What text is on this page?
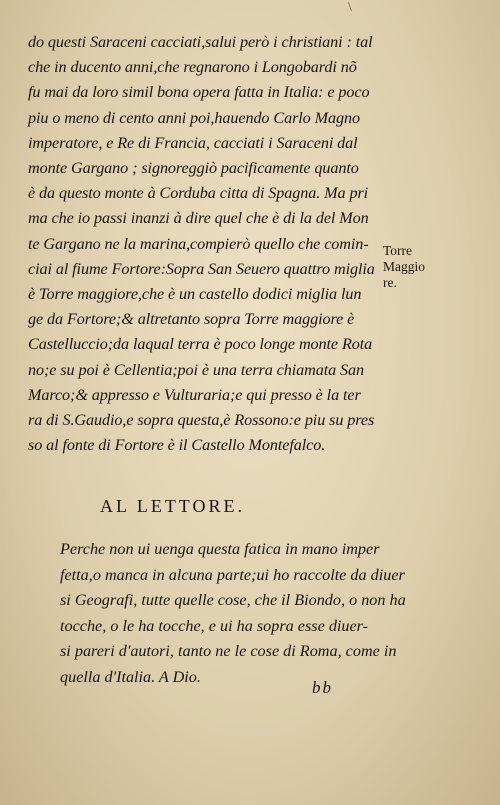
\
do questi Saraceni cacciati,salui però i christiani : tal
che in ducento anni,che regnarono i Longobardi nõ
fu mai da loro simil bona opera fatta in Italia: e poco
piu o meno di cento anni poi,hauendo Carlo Magno
imperatore, e Re di Francia, cacciati i Saraceni dal
monte Gargano ; signoreggiò pacificamente quanto
è da questo monte à Corduba citta di Spagna. Ma pri
ma che io passi inanzi à dire quel che è di la del Mon
te Gargano ne la marina,compierò quello che comin-
ciai al fiume Fortore:Sopra San Seuero quattro miglia
è Torre maggiore,che è un castello dodici miglia lun
ge da Fortore;& altretanto sopra Torre maggiore è
Castelluccio;da laqual terra è poco longe monte Rota
no;e su poi è Cellentia;poi è una terra chiamata San
Marco;& appresso e Vulturaria;e qui presso è la ter
ra di S.Gaudio,e sopra questa,è Rossono:e piu su pres
so al fonte di Fortore è il Castello Montefalco.
Torre
Maggio
re.
AL LETTORE.
Perche non ui uenga questa fatica in mano imper
fetta,o manca in alcuna parte;ui ho raccolte da diuer
si Geografi, tutte quelle cose, che il Biondo, o non ha
tocche, o le ha tocche, e ui ha sopra esse diuer-
si pareri d'autori, tanto ne le cose di Roma, come in
quella d'Italia. A Dio.
bb
